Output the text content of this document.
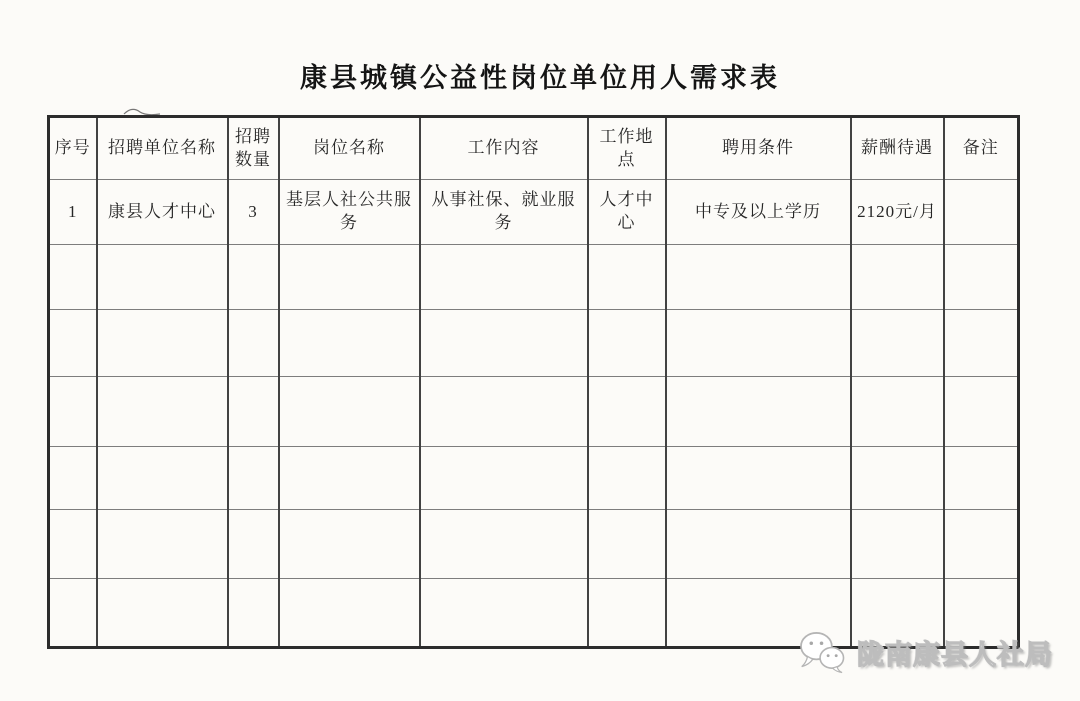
康县城镇公益性岗位单位用人需求表
序号	招聘单位名称	招聘数量	岗位名称	工作内容	工作地点	聘用条件	薪酬待遇	备注
1	康县人才中心	3	基层人社公共服务	从事社保、就业服务	人才中心	中专及以上学历	2120元/月	

陇南康县人社局
